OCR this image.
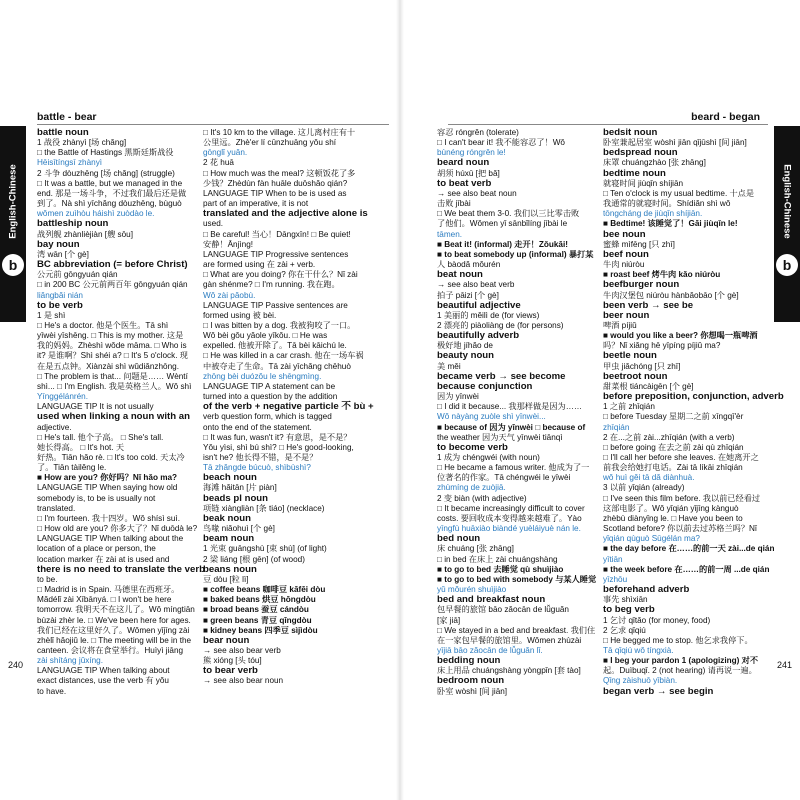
battle - bear	beard - began
English-Chinese	English-Chinese
b	b
battle noun
1 战役 zhànyì [场 chǎng]
□ the Battle of Hastings 黑斯廷斯战役
Hēisītíngsī zhànyì
2 斗争 dòuzhēng [场 chǎng] (struggle)
□ It was a battle, but we managed in the
end. 那是一场斗争，不过我们最后还是做
到了。Nà shì yīchǎng dòuzhēng, bùguò
wǒmen zuìhòu háishì zuòdào le.
battleship noun
战列舰 zhànlièjiàn [艘 sōu]
bay noun
湾 wān [个 gè]
BC abbreviation (= before Christ)
公元前 gōngyuán qián
□ in 200 BC 公元前两百年 gōngyuán qián
liǎngbǎi nián
to be verb
1 是 shì
□ He's a doctor. 他是个医生。Tā shì
yīwèi yīshēng. □ This is my mother. 这是
我的妈妈。Zhèshì wǒde māma. □ Who is
it? 是谁啊？Shì shéi a? □ It's 5 o'clock. 现
在是五点钟。Xiànzài shì wǔdiǎnzhōng.
□ The problem is that... 问题是…… Wèntí
shì... □ I'm English. 我是英格兰人。Wǒ shì
Yīnggélánrén.
LANGUAGE TIP It is not usually
used when linking a noun with an
adjective.
□ He's tall. 他个子高。 □ She's tall.
她长得高。 □ It's hot. 天
好热。Tiān hǎo rè. □ It's too cold. 天太冷
了。Tiān tàilěng le.
■ How are you? 你好吗？Nǐ hǎo ma?
LANGUAGE TIP When saying how old
somebody is, to be is usually not
translated.
□ I'm fourteen. 我十四岁。Wǒ shísì suì.
□ How old are you? 你多大了？Nǐ duōdà le?
LANGUAGE TIP When talking about the
location of a place or person, the
location marker 在 zài at is used and
there is no need to translate the verb
to be.
□ Madrid is in Spain. 马德里在西班牙。
Mǎdélǐ zài Xībānyá. □ I won't be here
tomorrow. 我明天不在这儿了。Wǒ míngtiān
bùzài zhèr le. □ We've been here for ages.
我们已经在这里好久了。Wǒmen yǐjīng zài
zhèlǐ hǎojiǔ le. □ The meeting will be in the
canteen. 会议将在食堂举行。Huìyì jiāng
zài shítáng jǔxíng.
LANGUAGE TIP When talking about
exact distances, use the verb 有 yǒu
to have.
□ It's 10 km to the village. 这儿离村庄有十
公里远。Zhè'er lí cūnzhuāng yǒu shí
gōnglǐ yuǎn.
2 花 huā
□ How much was the meal? 这顿饭花了多
少钱？Zhèdùn fàn huāle duōshǎo qián?
LANGUAGE TIP When to be is used as
part of an imperative, it is not
translated and the adjective alone is
used.
□ Be careful! 当心！Dāngxīn! □ Be quiet!
安静！Ānjìng!
LANGUAGE TIP Progressive sentences
are formed using 在 zài + verb.
□ What are you doing? 你在干什么？Nǐ zài
gàn shénme? □ I'm running. 我在跑。
Wǒ zài pǎobù.
LANGUAGE TIP Passive sentences are
formed using 被 bèi.
□ I was bitten by a dog. 我被狗咬了一口。
Wǒ bèi gǒu yǎole yīkǒu. □ He was
expelled. 他被开除了。Tā bèi kāichú le.
□ He was killed in a car crash. 他在一场车祸
中被夺走了生命。Tā zài yīchǎng chēhuò
zhōng bèi duózǒu le shēngmìng.
LANGUAGE TIP A statement can be
turned into a question by the addition
of the verb + negative particle 不 bù +
verb question form, which is tagged
onto the end of the statement.
□ It was fun, wasn't it? 有意思，是不是？
Yǒu yìsi, shì bú shì? □ He's good-looking,
isn't he? 他长得不错，是不是？
Tā zhǎngde búcuò, shìbùshì?
beach noun
海滩 hǎitān [片 piàn]
beads pl noun
项链 xiàngliàn [条 tiáo] (necklace)
beak noun
鸟喙 niǎohuì [个 gè]
beam noun
1 光束 guāngshù [束 shù] (of light)
2 梁 liáng [根 gēn] (of wood)
beans noun
豆 dòu [粒 lì]
■ coffee beans 咖啡豆 kāfēi dòu
■ baked beans 烘豆 hōngdòu
■ broad beans 蚕豆 cándòu
■ green beans 青豆 qīngdòu
■ kidney beans 四季豆 sìjìdòu
bear noun
→ see also bear verb
熊 xióng [头 tóu]
to bear verb
→ see also bear noun
容忍 róngrěn (tolerate)
□ I can't bear it! 我不能容忍了！Wǒ
bùnéng róngrěn le!
beard noun
胡须 húxū [把 bǎ]
to beat verb
→ see also beat noun
击败 jībài
□ We beat them 3-0. 我们以三比零击败
了他们。Wǒmen yǐ sānbǐlíng jībài le
tāmen.
■ Beat it! (informal) 走开！Zǒukāi!
■ to beat somebody up (informal) 暴打某
人 bàodǎ mǒurén
beat noun
→ see also beat verb
拍子 pāizi [个 gè]
beautiful adjective
1 美丽的 měilì de (for views)
2 漂亮的 piàoliàng de (for persons)
beautifully adverb
极好地 jíhǎo de
beauty noun
美 měi
became verb → see become
because conjunction
因为 yīnwèi
□ I did it because... 我那样做是因为……
Wǒ nàyàng zuòle shì yīnwèi...
■ because of 因为 yīnwèi □ because of
the weather 因为天气 yīnwèi tiānqì
to become verb
1 成为 chéngwéi (with noun)
□ He became a famous writer. 他成为了一
位著名的作家。Tā chéngwéi le yīwèi
zhùmíng de zuòjiā.
2 变 biàn (with adjective)
□ It became increasingly difficult to cover
costs. 要回收成本变得越来越难了。Yào
yīngfù huāxiào biàndé yuèláiyuè nán le.
bed noun
床 chuáng [张 zhāng]
□ in bed 在床上 zài chuángshàng
■ to go to bed 去睡觉 qù shuìjiào
■ to go to bed with somebody 与某人睡觉
yǔ mǒurén shuìjiào
bed and breakfast noun
包早餐的旅馆 bāo zǎocān de lǚguǎn
[家 jiā]
□ We stayed in a bed and breakfast. 我们住
在一家包早餐的旅馆里。Wǒmen zhùzài
yījiā bāo zǎocān de lǚguǎn lǐ.
bedding noun
床上用品 chuángshàng yòngpǐn [套 tào]
bedroom noun
卧室 wòshì [间 jiān]
bedsit noun
卧室兼起居室 wòshì jiān qǐjūshì [间 jiān]
bedspread noun
床罩 chuángzhào [张 zhāng]
bedtime noun
就寝时间 jiùqǐn shíjiān
□ Ten o'clock is my usual bedtime. 十点是
我通常的就寝时间。Shídiǎn shì wǒ
tōngcháng de jiùqǐn shíjiān.
■ Bedtime! 该睡觉了！Gāi jiùqǐn le!
bee noun
蜜蜂 mìfēng [只 zhī]
beef noun
牛肉 niúròu
■ roast beef 烤牛肉 kǎo niúròu
beefburger noun
牛肉汉堡包 niúròu hànbǎobāo [个 gè]
been verb → see be
beer noun
啤酒 píjiǔ
■ would you like a beer? 你想喝一瓶啤酒
吗？Nǐ xiǎng hē yīpíng píjiǔ ma?
beetle noun
甲虫 jiǎchóng [只 zhī]
beetroot noun
甜菜根 tiáncàigēn [个 gè]
before preposition, conjunction, adverb
1 之前 zhīqián
□ before Tuesday 星期二之前 xīngqī'èr
zhīqián
2 在...之前 zài...zhīqián (with a verb)
□ before going 在去之前 zài qù zhīqián
□ I'll call her before she leaves. 在她离开之
前我会给她打电话。Zài tā líkāi zhīqián
wǒ huì gěi tā dǎ diànhuà.
3 以前 yǐqián (already)
□ I've seen this film before. 我以前已经看过
这部电影了。Wǒ yǐqián yǐjīng kànguò
zhèbù diànyǐng le. □ Have you been to
Scotland before? 你以前去过苏格兰吗？Nǐ
yǐqián qùguò Sūgélán ma?
■ the day before 在……的前一天 zài...de qián
yītiān
■ the week before 在……的前一周 ...de qián
yīzhōu
beforehand adverb
事先 shìxiān
to beg verb
1 乞讨 qǐtǎo (for money, food)
2 乞求 qǐqiú
□ He begged me to stop. 他乞求我停下。
Tā qǐqiú wǒ tíngxià.
■ I beg your pardon 1 (apologizing) 对不
起。Duìbuqǐ. 2 (not hearing) 请再说一遍。
Qǐng zàishuō yībiàn.
began verb → see begin
240	241
